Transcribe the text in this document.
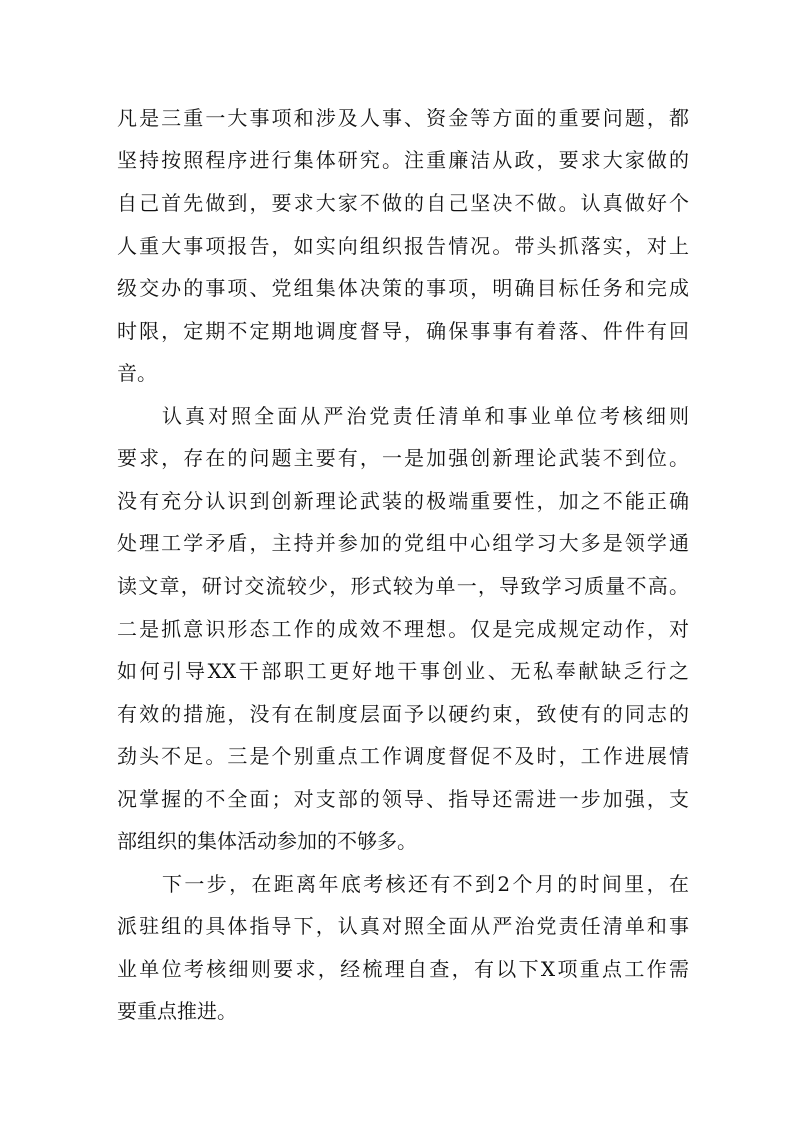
凡是三重一大事项和涉及人事、资金等方面的重要问题，都
坚持按照程序进行集体研究。注重廉洁从政，要求大家做的
自己首先做到，要求大家不做的自己坚决不做。认真做好个
人重大事项报告，如实向组织报告情况。带头抓落实，对上
级交办的事项、党组集体决策的事项，明确目标任务和完成
时限，定期不定期地调度督导，确保事事有着落、件件有回
音。
认真对照全面从严治党责任清单和事业单位考核细则
要求，存在的问题主要有，一是加强创新理论武装不到位。
没有充分认识到创新理论武装的极端重要性，加之不能正确
处理工学矛盾，主持并参加的党组中心组学习大多是领学通
读文章，研讨交流较少，形式较为单一，导致学习质量不高。
二是抓意识形态工作的成效不理想。仅是完成规定动作，对
如何引导XX干部职工更好地干事创业、无私奉献缺乏行之
有效的措施，没有在制度层面予以硬约束，致使有的同志的
劲头不足。三是个别重点工作调度督促不及时，工作进展情
况掌握的不全面；对支部的领导、指导还需进一步加强，支
部组织的集体活动参加的不够多。
下一步，在距离年底考核还有不到2个月的时间里，在
派驻组的具体指导下，认真对照全面从严治党责任清单和事
业单位考核细则要求，经梳理自查，有以下X项重点工作需
要重点推进。
